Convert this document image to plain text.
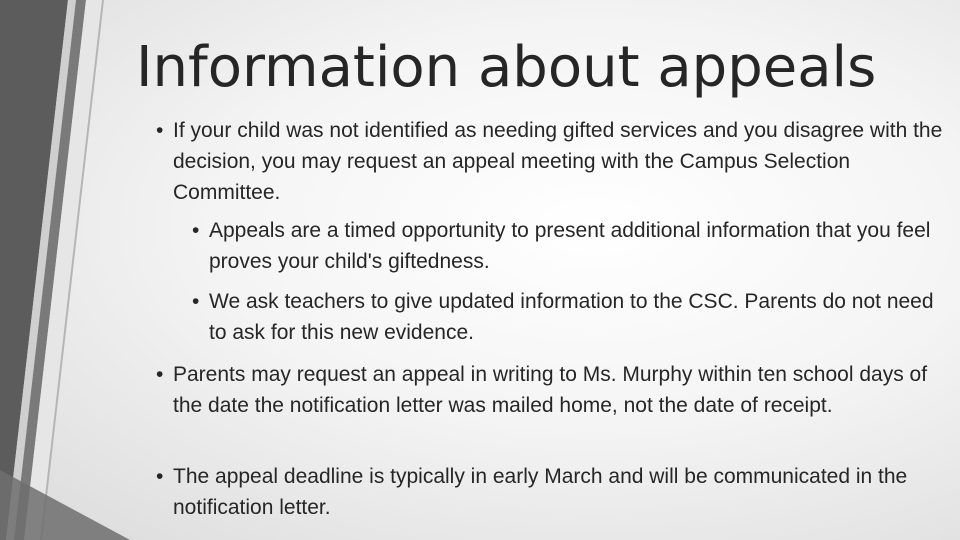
Information about appeals

• If your child was not identified as needing gifted services and you disagree with the decision, you may request an appeal meeting with the Campus Selection Committee.

• Appeals are a timed opportunity to present additional information that you feel proves your child's giftedness.

• We ask teachers to give updated information to the CSC. Parents do not need to ask for this new evidence.

• Parents may request an appeal in writing to Ms. Murphy within ten school days of the date the notification letter was mailed home, not the date of receipt.

• The appeal deadline is typically in early March and will be communicated in the notification letter.
